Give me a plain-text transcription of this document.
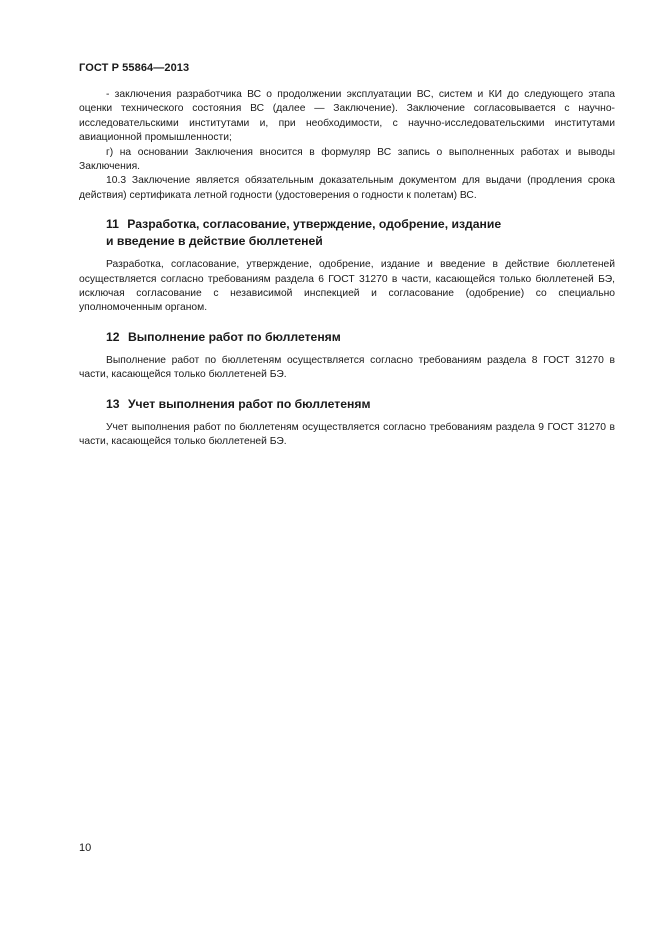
ГОСТ Р 55864—2013

- заключения разработчика ВС о продолжении эксплуатации ВС, систем и КИ до следующего этапа оценки технического состояния ВС (далее — Заключение). Заключение согласовывается с научно-исследовательскими институтами и, при необходимости, с научно-исследовательскими институтами авиационной промышленности;

г) на основании Заключения вносится в формуляр ВС запись о выполненных работах и выводы Заключения.

10.3 Заключение является обязательным доказательным документом для выдачи (продления срока действия) сертификата летной годности (удостоверения о годности к полетам) ВС.

11 Разработка, согласование, утверждение, одобрение, издание
и введение в действие бюллетеней

Разработка, согласование, утверждение, одобрение, издание и введение в действие бюллетеней осуществляется согласно требованиям раздела 6 ГОСТ 31270 в части, касающейся только бюллетеней БЭ, исключая согласование с независимой инспекцией и согласование (одобрение) со специально уполномоченным органом.

12 Выполнение работ по бюллетеням

Выполнение работ по бюллетеням осуществляется согласно требованиям раздела 8 ГОСТ 31270 в части, касающейся только бюллетеней БЭ.

13 Учет выполнения работ по бюллетеням

Учет выполнения работ по бюллетеням осуществляется согласно требованиям раздела 9 ГОСТ 31270 в части, касающейся только бюллетеней БЭ.

10
